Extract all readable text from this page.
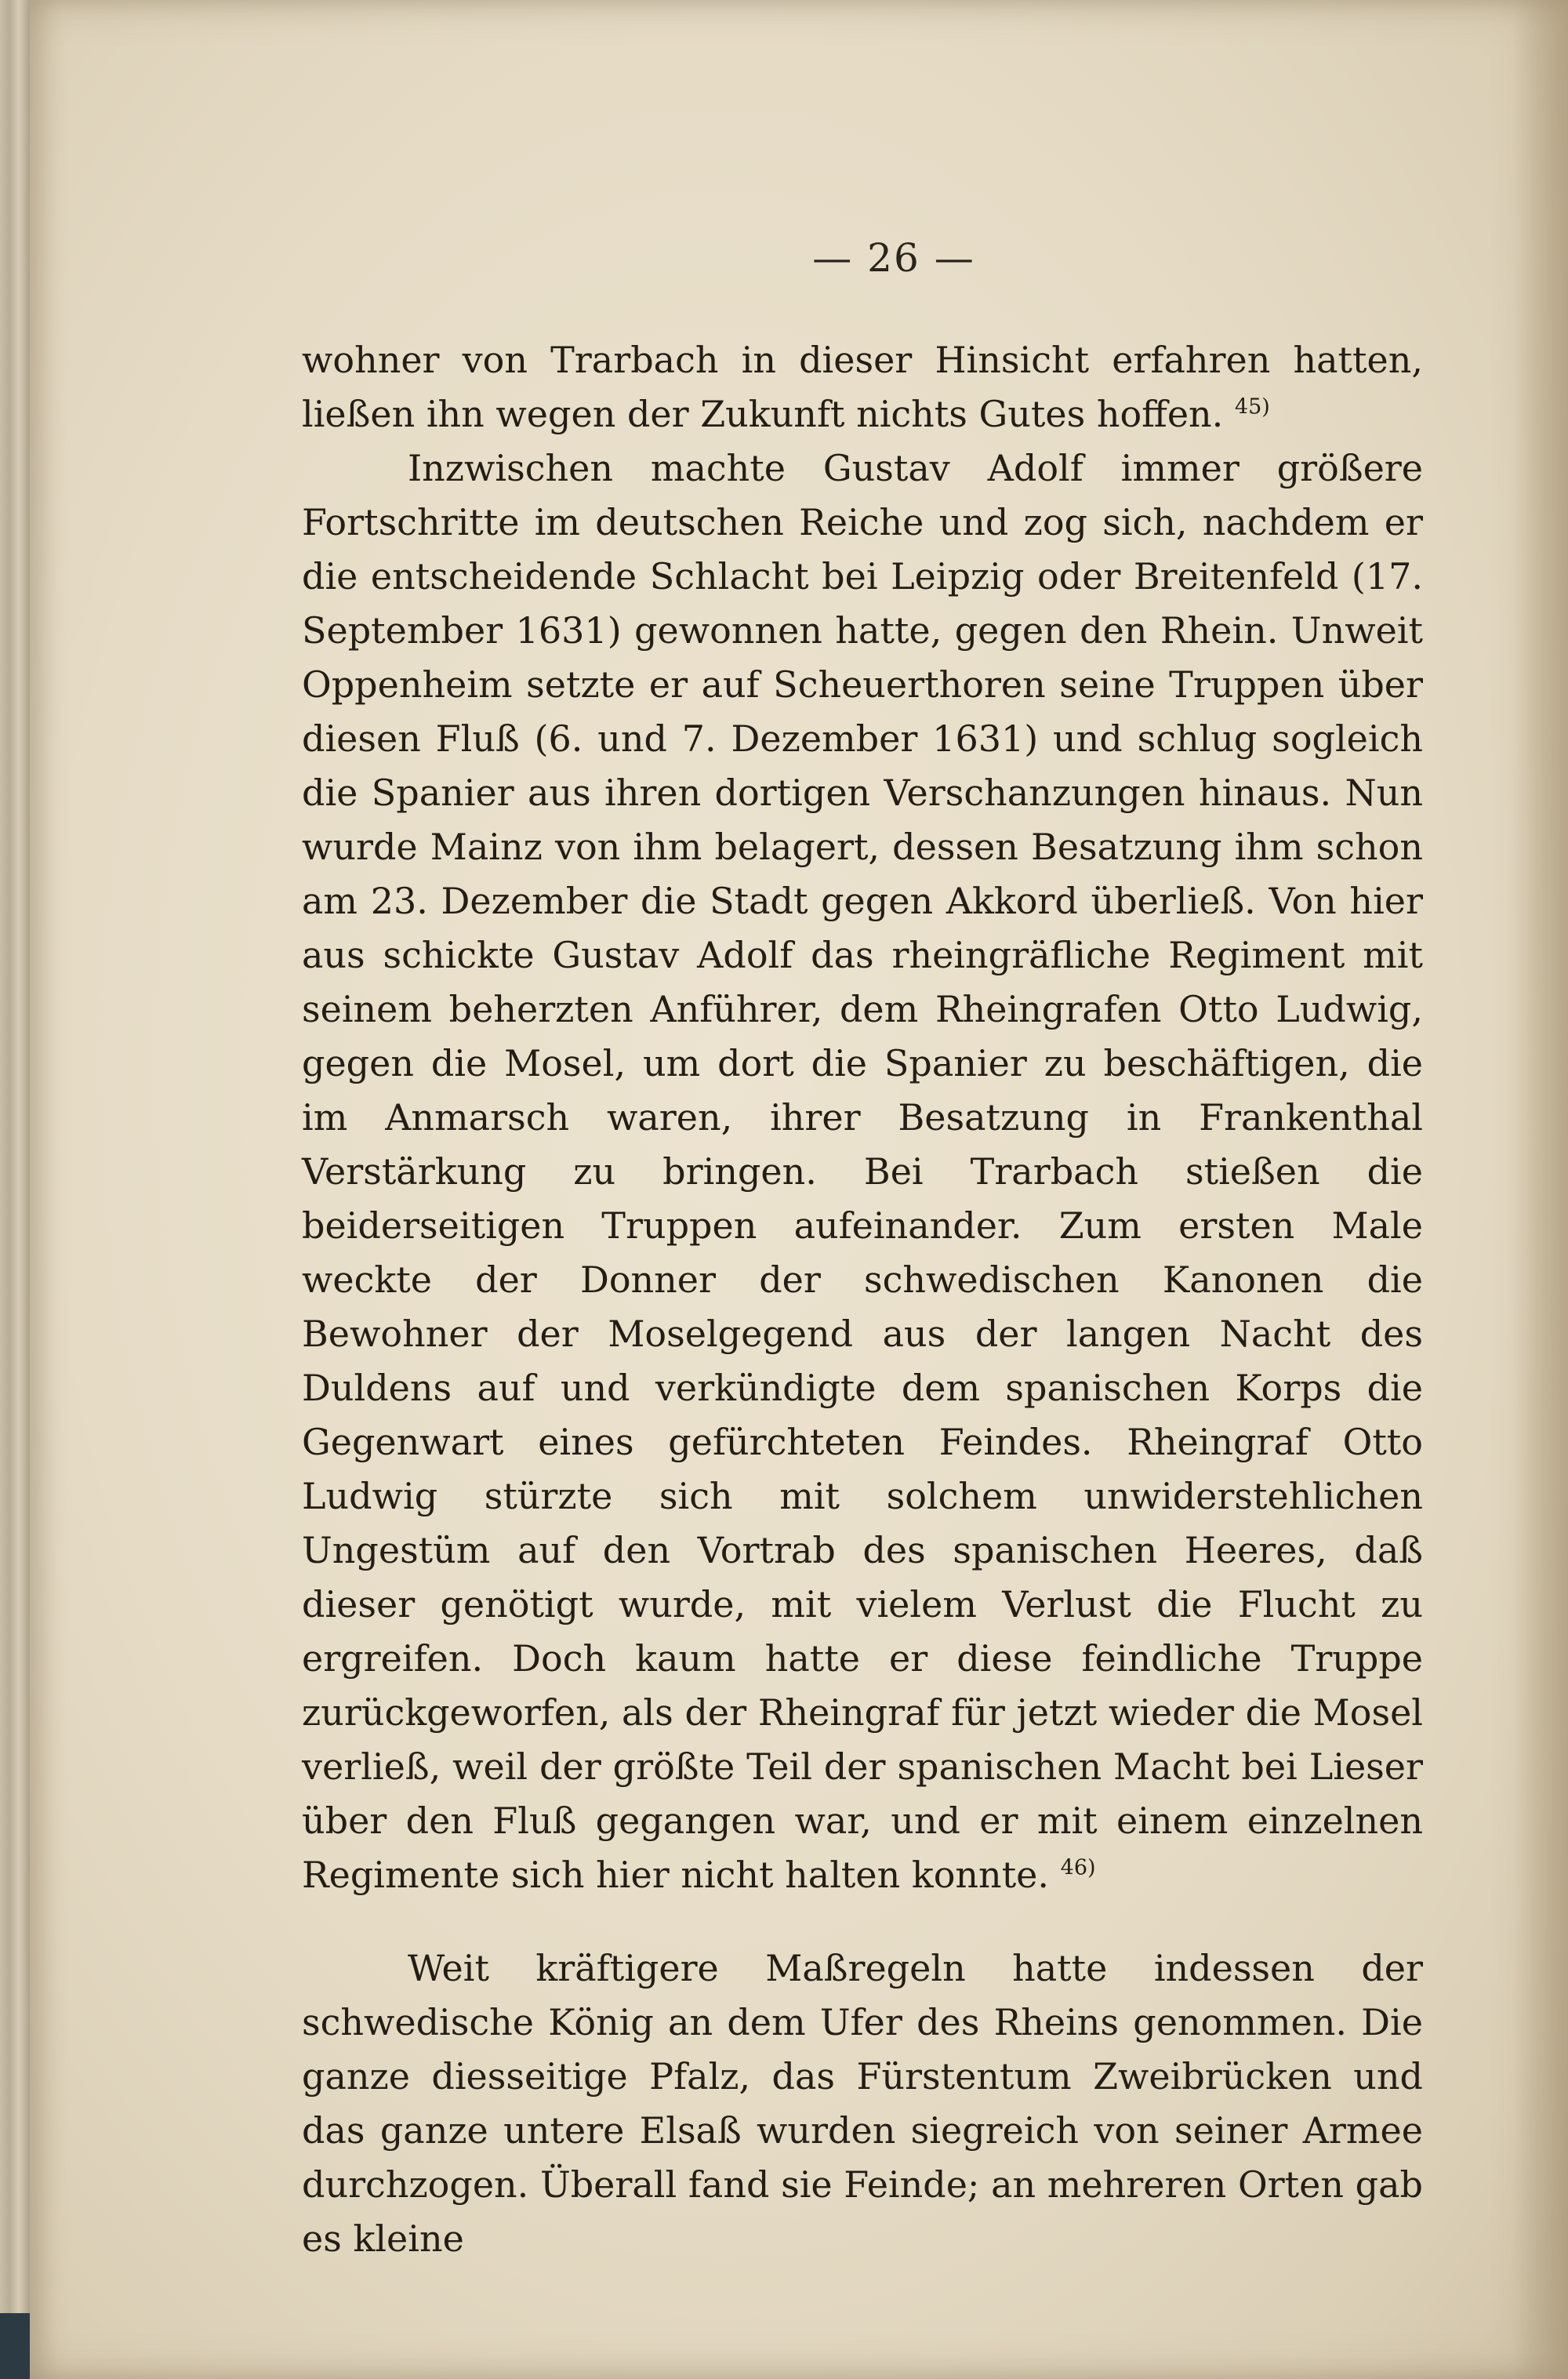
— 26 —

wohner von Trarbach in dieser Hinsicht erfahren hatten, ließen ihn wegen der Zukunft nichts Gutes hoffen. $^{45)}$

Inzwischen machte Gustav Adolf immer größere Fortschritte im deutschen Reiche und zog sich, nachdem er die entscheidende Schlacht bei Leipzig oder Breitenfeld (17. September 1631) gewonnen hatte, gegen den Rhein. Unweit Oppenheim setzte er auf Scheuerthoren seine Truppen über diesen Fluß (6. und 7. Dezember 1631) und schlug sogleich die Spanier aus ihren dortigen Verschanzungen hinaus. Nun wurde Mainz von ihm belagert, dessen Besatzung ihm schon am 23. Dezember die Stadt gegen Akkord überließ. Von hier aus schickte Gustav Adolf das rheingräfliche Regiment mit seinem beherzten Anführer, dem Rheingrafen Otto Ludwig, gegen die Mosel, um dort die Spanier zu beschäftigen, die im Anmarsch waren, ihrer Besatzung in Frankenthal Verstärkung zu bringen. Bei Trarbach stießen die beiderseitigen Truppen aufeinander. Zum ersten Male weckte der Donner der schwedischen Kanonen die Bewohner der Moselgegend aus der langen Nacht des Duldens auf und verkündigte dem spanischen Korps die Gegenwart eines gefürchteten Feindes. Rheingraf Otto Ludwig stürzte sich mit solchem unwiderstehlichen Ungestüm auf den Vortrab des spanischen Heeres, daß dieser genötigt wurde, mit vielem Verlust die Flucht zu ergreifen. Doch kaum hatte er diese feindliche Truppe zurückgeworfen, als der Rheingraf für jetzt wieder die Mosel verließ, weil der größte Teil der spanischen Macht bei Lieser über den Fluß gegangen war, und er mit einem einzelnen Regimente sich hier nicht halten konnte. $^{46)}$

Weit kräftigere Maßregeln hatte indessen der schwedische König an dem Ufer des Rheins genommen. Die ganze diesseitige Pfalz, das Fürstentum Zweibrücken und das ganze untere Elsaß wurden siegreich von seiner Armee durchzogen. Überall fand sie Feinde; an mehreren Orten gab es kleine
